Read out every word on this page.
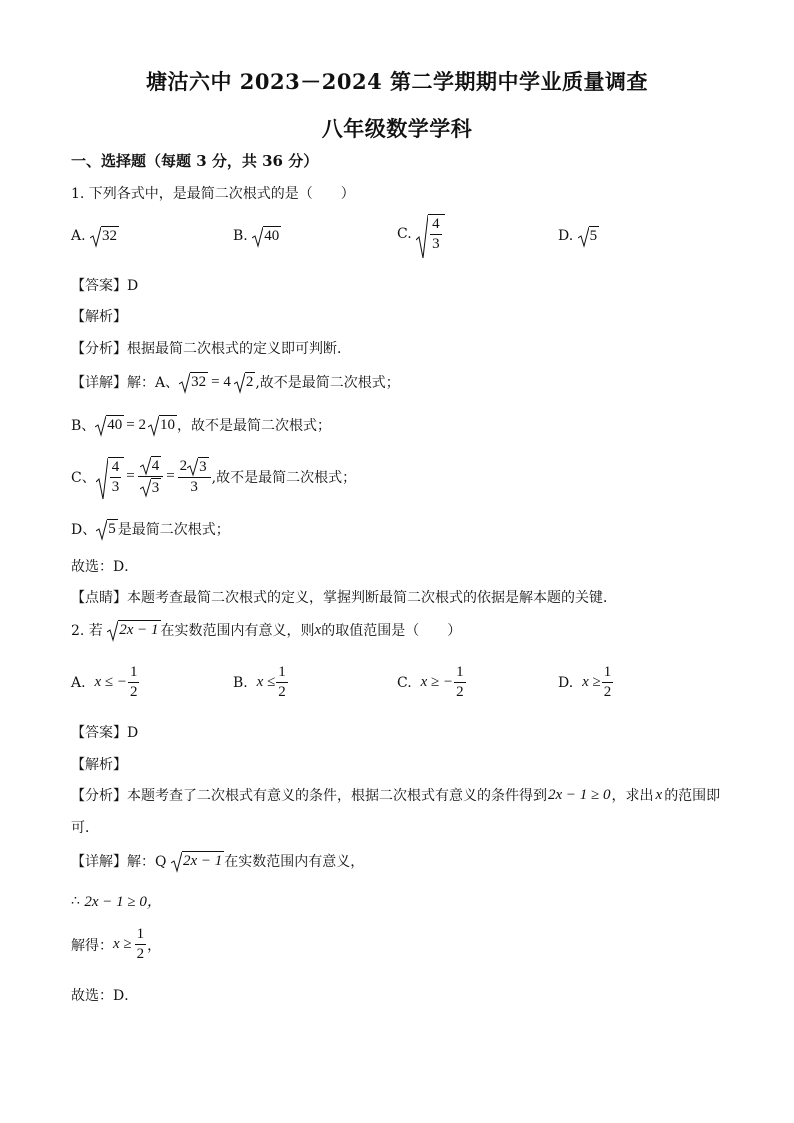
塘沽六中 2023－2024 第二学期期中学业质量调查
八年级数学学科
一、选择题（每题 3 分，共 36 分）
1. 下列各式中，是最简二次根式的是（　　）
A.
	32	B.
	40	C.
$\frac{4}{3}$	D.
	5
【答案】D
【解析】
【分析】根据最简二次根式的定义即可判断．
【详解】解：A、 32 = 4	2 ,故不是最简二次根式；
B、 40 = 2 10 ，故不是最简二次根式；
C、 $\frac{4}{3} = \frac{4}{3} = \frac{2 3}{3}$ ,故不是最简二次根式；
D、 5 是最简二次根式；
故选：D．
【点睛】本题考查最简二次根式的定义，掌握判断最简二次根式的依据是解本题的关键．
2. 若
	2x − 1 在实数范围内有意义，则 x 的取值范围是（　　）
A.
x ≤ − $\frac{1}{2}$	B.
$x \le \frac{1}{2}$	C.
x ≥ − $\frac{1}{2}$	D.
$x \ge \frac{1}{2}$
【答案】D
【解析】
【分析】本题考查了二次根式有意义的条件，根据二次根式有意义的条件得到 2x − 1 ≥ 0 ，求出 x 的范围即
可．
【详解】解：Q
	2x − 1 在实数范围内有意义，
∴
2x − 1 ≥ 0，
解得： $x \ge \frac{1}{2}$ ，
故选：D．
